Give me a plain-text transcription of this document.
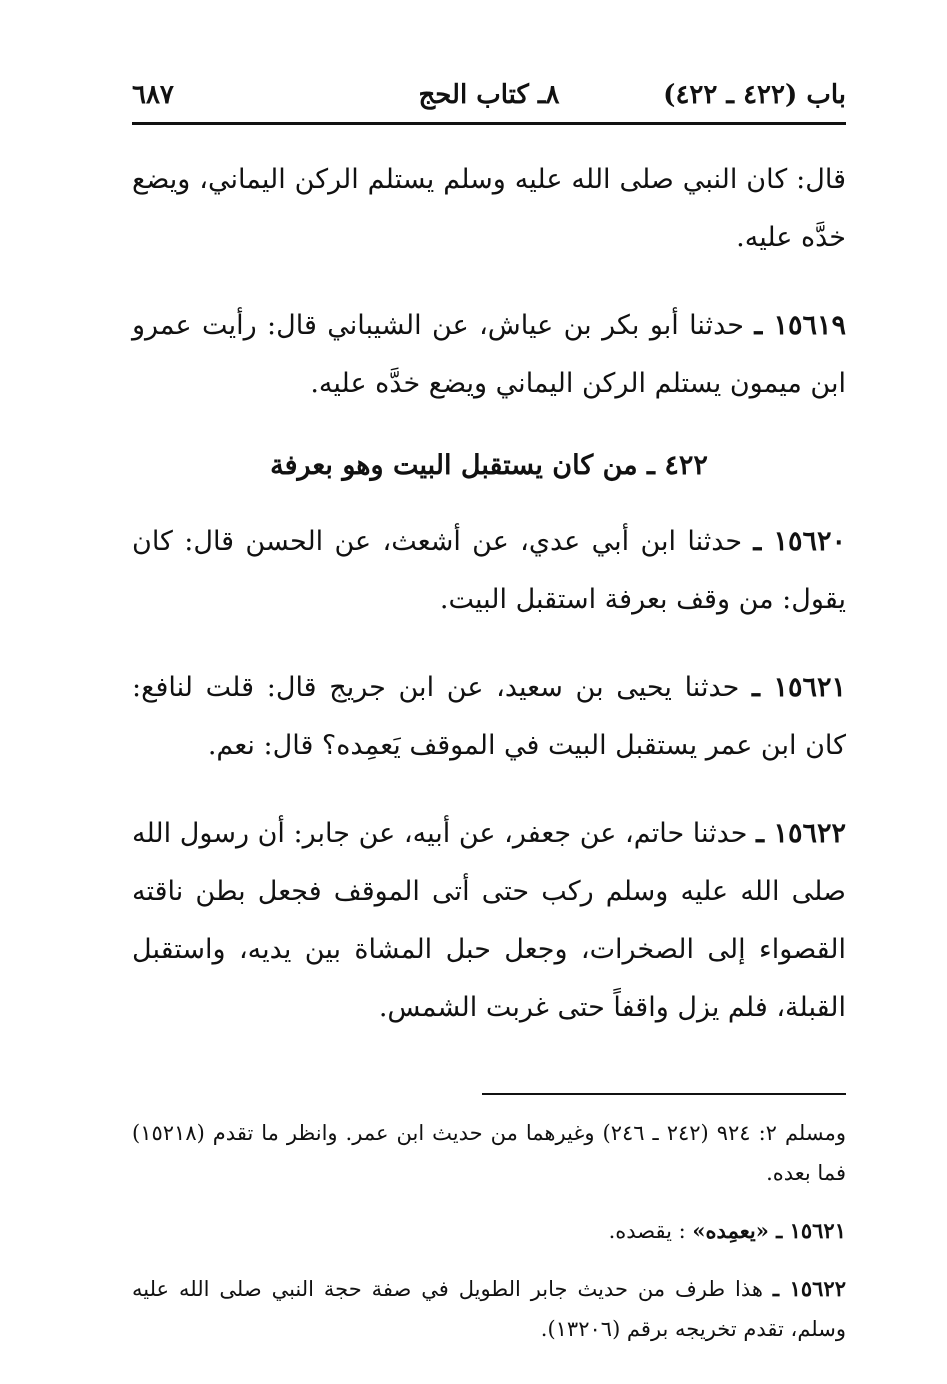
باب (٤٢٢ ـ ٤٢٢)
٨ـ كتاب الحج
٦٨٧

قال: كان النبي صلى الله عليه وسلم يستلم الركن اليماني، ويضع خدَّه عليه.

١٥٦١٩ ـ حدثنا أبو بكر بن عياش، عن الشيباني قال: رأيت عمرو ابن ميمون يستلم الركن اليماني ويضع خدَّه عليه.

٤٢٢ ـ من كان يستقبل البيت وهو بعرفة

١٥٦٢٠ ـ حدثنا ابن أبي عدي، عن أشعث، عن الحسن قال: كان يقول: من وقف بعرفة استقبل البيت.

١٥٦٢١ ـ حدثنا يحيى بن سعيد، عن ابن جريج قال: قلت لنافع: كان ابن عمر يستقبل البيت في الموقف يَعمِده؟ قال: نعم.

١٥٦٢٢ ـ حدثنا حاتم، عن جعفر، عن أبيه، عن جابر: أن رسول الله صلى الله عليه وسلم ركب حتى أتى الموقف فجعل بطن ناقته القصواء إلى الصخرات، وجعل حبل المشاة بين يديه، واستقبل القبلة، فلم يزل واقفاً حتى غربت الشمس.

ومسلم ٢: ٩٢٤ (٢٤٢ ـ ٢٤٦) وغيرهما من حديث ابن عمر. وانظر ما تقدم (١٥٢١٨) فما بعده.

١٥٦٢١ ـ «يعمِده» : يقصده.

١٥٦٢٢ ـ هذا طرف من حديث جابر الطويل في صفة حجة النبي صلى الله عليه وسلم، تقدم تخريجه برقم (١٣٢٠٦).
